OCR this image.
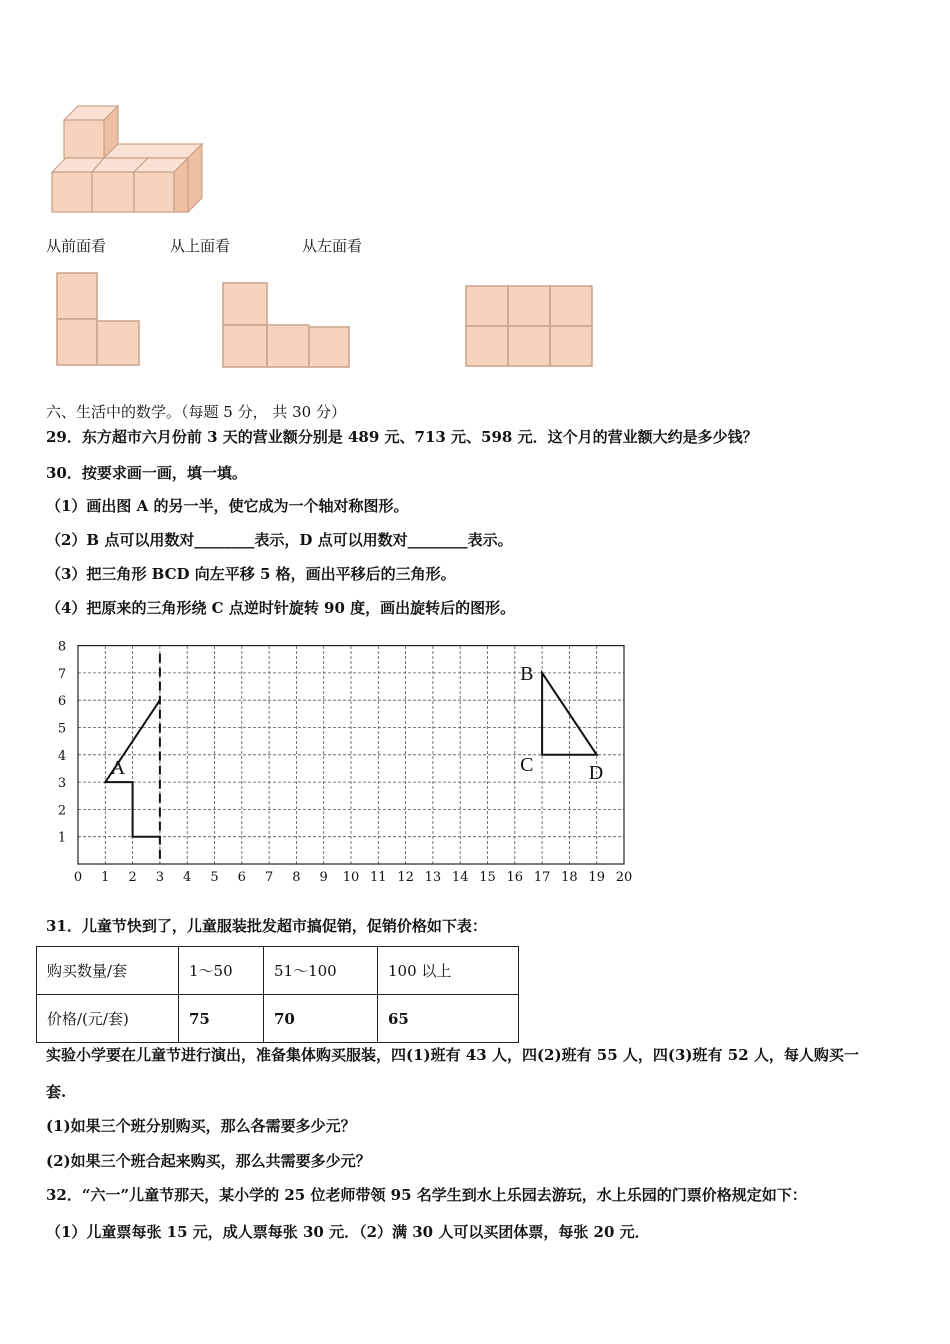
从前面看	从上面看	从左面看
六、生活中的数学。（每题 5 分， 共 30 分）
29．东方超市六月份前 3 天的营业额分别是 489 元、713 元、598 元．这个月的营业额大约是多少钱？
30．按要求画一画，填一填。
（1）画出图 A 的另一半，使它成为一个轴对称图形。
（2）B 点可以用数对________表示，D 点可以用数对________表示。
（3）把三角形 BCD 向左平移 5 格，画出平移后的三角形。
（4）把原来的三角形绕 C 点逆时针旋转 90 度，画出旋转后的图形。
0 1 2 3 4 5 6 7 8 9 10 11 12 13 14 15 16 17 18 19 20
1
2
3
4
5
6
7
8
A
B
C	D
31．儿童节快到了，儿童服装批发超市搞促销，促销价格如下表：
购买数量/套	1～50	51～100	100 以上
价格/(元/套)	75	70	65
实验小学要在儿童节进行演出，准备集体购买服装，四(1)班有 43 人，四(2)班有 55 人，四(3)班有 52 人，每人购买一
套.
(1)如果三个班分别购买，那么各需要多少元？
(2)如果三个班合起来购买，那么共需要多少元？
32．“六一”儿童节那天，某小学的 25 位老师带领 95 名学生到水上乐园去游玩，水上乐园的门票价格规定如下：
（1）儿童票每张 15 元，成人票每张 30 元．（2）满 30 人可以买团体票，每张 20 元．
